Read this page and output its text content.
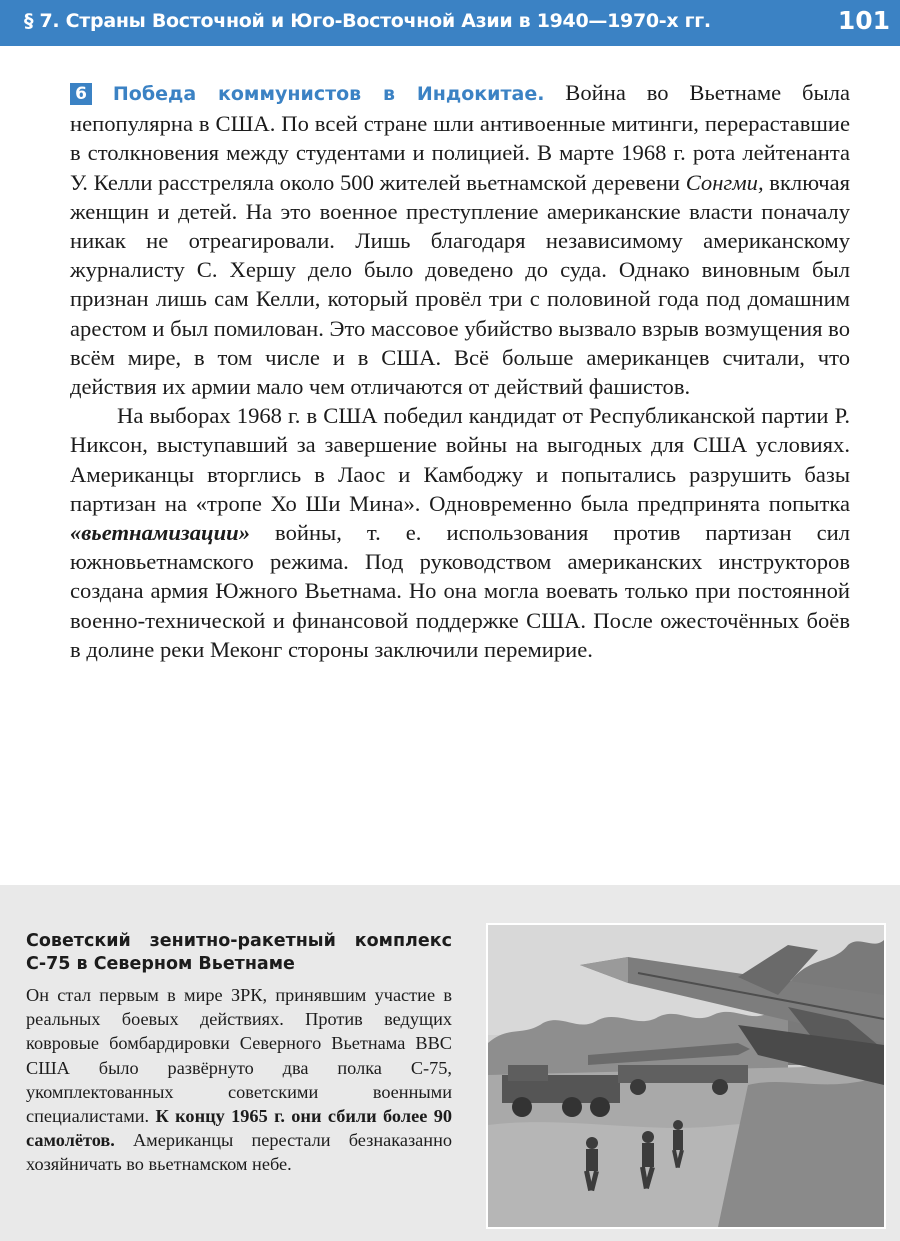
§ 7. Страны Восточной и Юго-Восточной Азии в 1940—1970-х гг.	101

6 Победа коммунистов в Индокитае. Война во Вьетнаме была непопулярна в США. По всей стране шли антивоенные митинги, перераставшие в столкновения между студентами и полицией. В марте 1968 г. рота лейтенанта У. Келли расстреляла около 500 жителей вьетнамской деревени Сонгми, включая женщин и детей. На это военное преступление американские власти поначалу никак не отреагировали. Лишь благодаря независимому американскому журналисту С. Хершу дело было доведено до суда. Однако виновным был признан лишь сам Келли, который провёл три с половиной года под домашним арестом и был помилован. Это массовое убийство вызвало взрыв возмущения во всём мире, в том числе и в США. Всё больше американцев считали, что действия их армии мало чем отличаются от действий фашистов.

На выборах 1968 г. в США победил кандидат от Республиканской партии Р. Никсон, выступавший за завершение войны на выгодных для США условиях. Американцы вторглись в Лаос и Камбоджу и попытались разрушить базы партизан на «тропе Хо Ши Мина». Одновременно была предпринята попытка «вьетнамизации» войны, т. е. использования против партизан сил южновьетнамского режима. Под руководством американских инструкторов создана армия Южного Вьетнама. Но она могла воевать только при постоянной военно-технической и финансовой поддержке США. После ожесточённых боёв в долине реки Меконг стороны заключили перемирие.

Советский зенитно-ракетный комплекс С-75 в Северном Вьетнаме
Он стал первым в мире ЗРК, принявшим участие в реальных боевых действиях. Против ведущих ковровые бомбардировки Северного Вьетнама ВВС США было развёрнуто два полка С-75, укомплектованных советскими военными специалистами. К концу 1965 г. они сбили более 90 самолётов. Американцы перестали безнаказанно хозяйничать во вьетнамском небе.
